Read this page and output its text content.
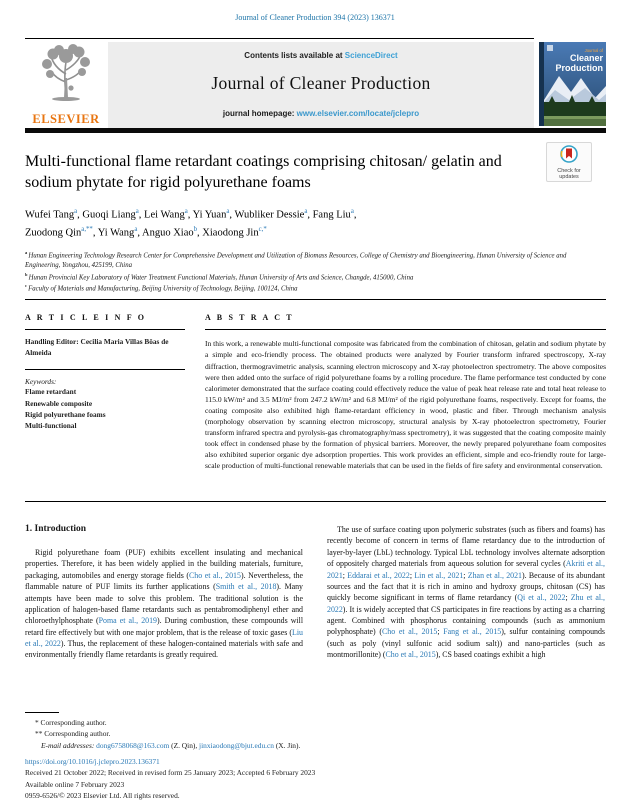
Journal of Cleaner Production 394 (2023) 136371
ELSEVIER
Contents lists available at ScienceDirect
Journal of Cleaner Production
journal homepage: www.elsevier.com/locate/jclepro
Journal of
Cleaner
Production
Check for
updates
Multi-functional flame retardant coatings comprising chitosan/ gelatin and sodium phytate for rigid polyurethane foams
Wufei Tang$^a$, Guoqi Liang$^a$, Lei Wang$^a$, Yi Yuan$^a$, Wubliker Dessie$^a$, Fang Liu$^a$,
Zuodong Qin$^{a,**}$, Yi Wang$^a$, Anguo Xiao$^b$, Xiaodong Jin$^{c,*}$
$^a$ Hunan Engineering Technology Research Center for Comprehensive Development and Utilization of Biomass Resources, College of Chemistry and Bioengineering, Hunan University of Science and Engineering, Yongzhou, 425199, China
$^b$ Hunan Provincial Key Laboratory of Water Treatment Functional Materials, Hunan University of Arts and Science, Changde, 415000, China
$^c$ Faculty of Materials and Manufacturing, Beijing University of Technology, Beijing, 100124, China
A R T I C L E I N F O
Handling Editor: Cecilia Maria Villas Bôas de Almeida
Keywords:
Flame retardant
Renewable composite
Rigid polyurethane foams
Multi-functional
A B S T R A C T
In this work, a renewable multi-functional composite was fabricated from the combination of chitosan, gelatin and sodium phytate by a simple and eco-friendly process. The obtained products were analyzed by Fourier transform infrared spectroscopy, X-ray diffraction, thermogravimetric analysis, scanning electron microscopy and X-ray photoelectron spectrometry. The above composites were then added onto the surface of rigid polyurethane foams by a rolling procedure. The flame performance test conducted by cone calorimeter demonstrated that the surface coating could effectively reduce the value of peak heat release rate and total heat release to 115.0 kW/m² and 3.5 MJ/m² from 247.2 kW/m² and 6.8 MJ/m² of the rigid polyurethane foams, respectively. Except for foams, the coating composite also exhibited high flame-retardant efficiency in wood, plastic and fiber. Through mechanism analysis (morphology observation by scanning electron microscopy, structural analysis by X-ray photoelectron spectrometry, Fourier transform infrared spectra and pyrolysis-gas chromatography/mass spectrometry), it was suggested that the coating composite mainly took effect in condensed phase by the formation of physical barriers. Moreover, the newly prepared polyurethane foam composites also exhibited superior organic dye adsorption properties. This work provides an efficient, simple and eco-friendly route for large-scale production of multi-functional renewable materials that can be used in the fields of fire safety and environmental conservation.
1. Introduction
Rigid polyurethane foam (PUF) exhibits excellent insulating and mechanical properties. Therefore, it has been widely applied in the building materials, furniture, packaging, automobiles and energy storage fields (Cho et al., 2015). Nevertheless, the flammable nature of PUF limits its further applications (Smith et al., 2018). Many attempts have been made to solve this problem. The traditional solution is the application of halogen-based flame retardants such as pentabromodiphenyl ether and chloroethylphosphate (Poma et al., 2019). During combustion, these compounds will retard fire effectively but with one major problem, that is the release of toxic gases (Liu et al., 2022). Thus, the replacement of these halogen-contained materials with safe and environmentally friendly flame retardants is greatly required.
The use of surface coating upon polymeric substrates (such as fibers and foams) has recently become of concern in terms of flame retardancy due to the introduction of layer-by-layer (LbL) technology. Typical LbL technology involves alternate adsorption of oppositely charged materials from aqueous solution for several cycles (Akriti et al., 2021; Eddarai et al., 2022; Lin et al., 2021; Zhan et al., 2021). Because of its abundant sources and the fact that it is rich in amino and hydroxy groups, chitosan (CS) has quickly become significant in terms of flame retardancy (Qi et al., 2022; Zhu et al., 2022). It is widely accepted that CS participates in fire reactions by acting as a charring agent. Combined with phosphorus containing compounds (such as ammonium polyphosphate) (Cho et al., 2015; Fang et al., 2015), sulfur containing compounds (such as poly (vinyl sulfonic acid sodium salt)) and nano-particles (such as montmorillonite) (Cho et al., 2015), CS based coatings exhibit a high
* Corresponding author.
** Corresponding author.
E-mail addresses: dong6758068@163.com (Z. Qin), jinxiaodong@bjut.edu.cn (X. Jin).
https://doi.org/10.1016/j.jclepro.2023.136371
Received 21 October 2022; Received in revised form 25 January 2023; Accepted 6 February 2023
Available online 7 February 2023
0959-6526/© 2023 Elsevier Ltd. All rights reserved.
